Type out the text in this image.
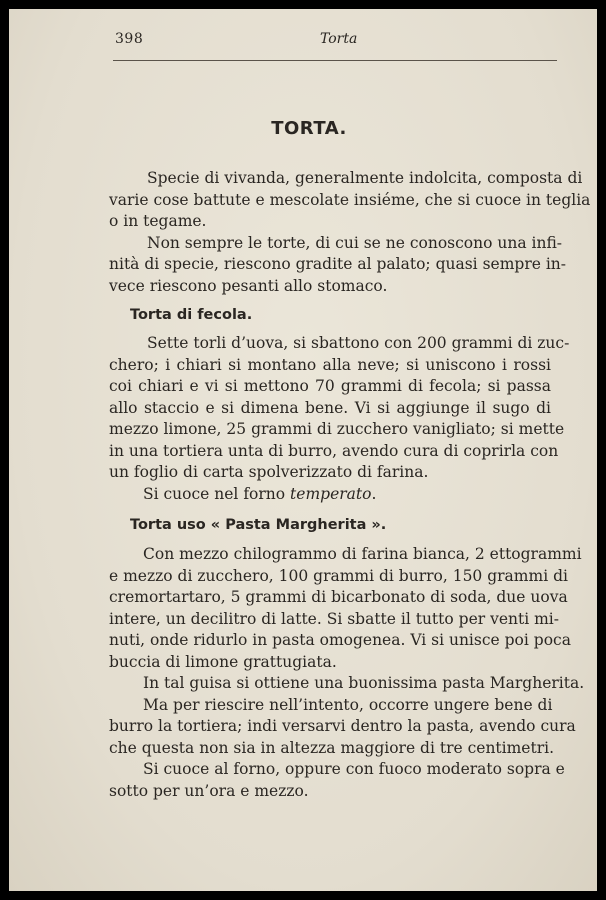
398	Torta
TORTA.
Specie di vivanda, generalmente indolcita, composta di
varie cose battute e mescolate insiéme, che si cuoce in teglia
o in tegame.
Non sempre le torte, di cui se ne conoscono una infi-
nità di specie, riescono gradite al palato; quasi sempre in-
vece riescono pesanti allo stomaco.
Torta di fecola.
Sette torli d’uova, si sbattono con 200 grammi di zuc-
chero; i chiari si montano alla neve; si uniscono i rossi
coi chiari e vi si mettono 70 grammi di fecola; si passa
allo staccio e si dimena bene. Vi si aggiunge il sugo di
mezzo limone, 25 grammi di zucchero vanigliato; si mette
in una tortiera unta di burro, avendo cura di coprirla con
un foglio di carta spolverizzato di farina.
Si cuoce nel forno temperato.
Torta uso « Pasta Margherita ».
Con mezzo chilogrammo di farina bianca, 2 ettogrammi
e mezzo di zucchero, 100 grammi di burro, 150 grammi di
cremortartaro, 5 grammi di bicarbonato di soda, due uova
intere, un decilitro di latte. Si sbatte il tutto per venti mi-
nuti, onde ridurlo in pasta omogenea. Vi si unisce poi poca
buccia di limone grattugiata.
In tal guisa si ottiene una buonissima pasta Margherita.
Ma per riescire nell’intento, occorre ungere bene di
burro la tortiera; indi versarvi dentro la pasta, avendo cura
che questa non sia in altezza maggiore di tre centimetri.
Si cuoce al forno, oppure con fuoco moderato sopra e
sotto per un’ora e mezzo.
